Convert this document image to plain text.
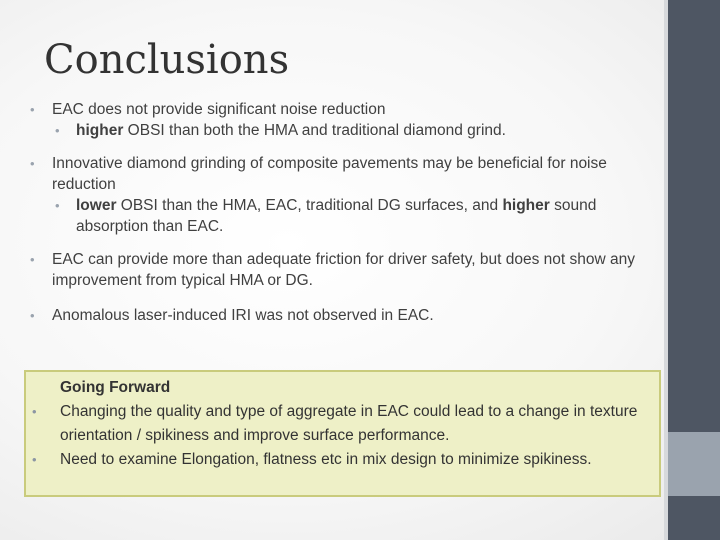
Conclusions
• EAC does not provide significant noise reduction
• higher OBSI than both the HMA and traditional diamond grind.
• Innovative diamond grinding of composite pavements may be beneficial for noise reduction
• lower OBSI than the HMA, EAC, traditional DG surfaces, and higher sound absorption than EAC.
• EAC can provide more than adequate friction for driver safety, but does not show any improvement from typical HMA or DG.
• Anomalous laser-induced IRI was not observed in EAC.
Going Forward
• Changing the quality and type of aggregate in EAC could lead to a change in texture orientation / spikiness and improve surface performance.
• Need to examine Elongation, flatness etc in mix design to minimize spikiness.
